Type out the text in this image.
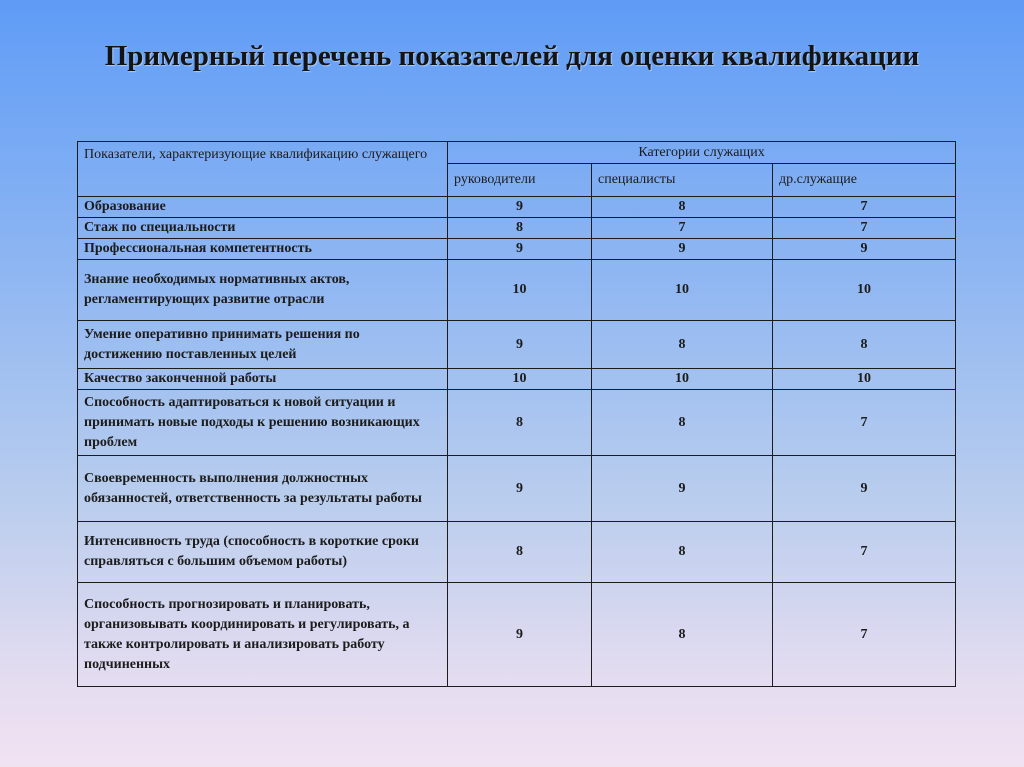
Примерный перечень показателей для оценки квалификации
Показатели, характеризующие квалификацию служащего	Категории служащих		
	руководители	специалисты	др.служащие
Образование	9	8	7
Стаж по специальности	8	7	7
Профессиональная компетентность	9	9	9
Знание необходимых нормативных актов, регламентирующих развитие отрасли	10	10	10
Умение оперативно принимать решения по достижению поставленных целей	9	8	8
Качество законченной работы	10	10	10
Способность адаптироваться к новой ситуации и принимать новые подходы к решению возникающих проблем	8	8	7
Своевременность выполнения должностных обязанностей, ответственность за результаты работы	9	9	9
Интенсивность труда (способность в короткие сроки справляться с большим объемом работы)	8	8	7
Способность прогнозировать и планировать, организовывать координировать и регулировать, а также контролировать и анализировать работу подчиненных	9	8	7
